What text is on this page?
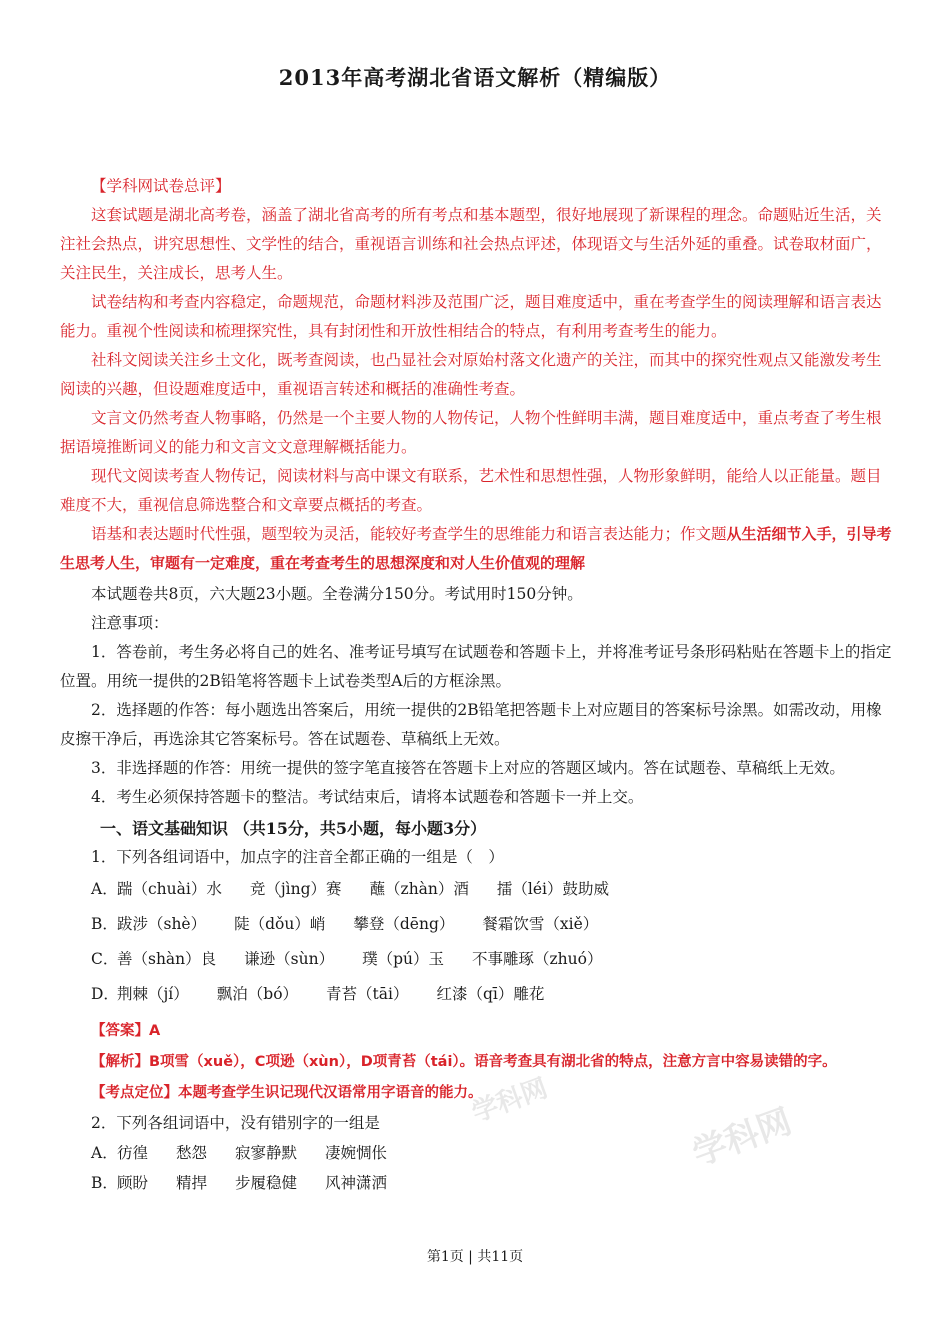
学科网
学科网
2013年高考湖北省语文解析（精编版）

【学科网试卷总评】

这套试题是湖北高考卷，涵盖了湖北省高考的所有考点和基本题型，很好地展现了新课程的理念。命题贴近生活，关注社会热点，讲究思想性、文学性的结合，重视语言训练和社会热点评述，体现语文与生活外延的重叠。试卷取材面广，关注民生，关注成长，思考人生。

试卷结构和考查内容稳定，命题规范，命题材料涉及范围广泛，题目难度适中，重在考查学生的阅读理解和语言表达能力。重视个性阅读和梳理探究性，具有封闭性和开放性相结合的特点，有利用考查考生的能力。

社科文阅读关注乡土文化，既考查阅读，也凸显社会对原始村落文化遗产的关注，而其中的探究性观点又能激发考生阅读的兴趣，但设题难度适中，重视语言转述和概括的准确性考查。

文言文仍然考查人物事略，仍然是一个主要人物的人物传记，人物个性鲜明丰满，题目难度适中，重点考查了考生根据语境推断词义的能力和文言文文意理解概括能力。

现代文阅读考查人物传记，阅读材料与高中课文有联系，艺术性和思想性强，人物形象鲜明，能给人以正能量。题目难度不大，重视信息筛选整合和文章要点概括的考查。

语基和表达题时代性强，题型较为灵活，能较好考查学生的思维能力和语言表达能力；作文题从生活细节入手，引导考生思考人生，审题有一定难度，重在考查考生的思想深度和对人生价值观的理解

本试题卷共8页，六大题23小题。全卷满分150分。考试用时150分钟。

注意事项：

1．答卷前，考生务必将自己的姓名、准考证号填写在试题卷和答题卡上，并将准考证号条形码粘贴在答题卡上的指定位置。用统一提供的2B铅笔将答题卡上试卷类型A后的方框涂黑。

2．选择题的作答：每小题选出答案后，用统一提供的2B铅笔把答题卡上对应题目的答案标号涂黑。如需改动，用橡皮擦干净后，再选涂其它答案标号。答在试题卷、草稿纸上无效。

3．非选择题的作答：用统一提供的签字笔直接答在答题卡上对应的答题区域内。答在试题卷、草稿纸上无效。

4．考生必须保持答题卡的整洁。考试结束后，请将本试题卷和答题卡一并上交。

一、语文基础知识 （共15分，共5小题，每小题3分）

1．下列各组词语中，加点字的注音全都正确的一组是（　）

A．踹（chuài）水 竞（jìng）赛 蘸（zhàn）酒 擂（léi）鼓助威

B．跋涉（shè） 陡（dǒu）峭 攀登（dēng） 餐霜饮雪（xiě）

C．善（shàn）良 谦逊（sùn） 璞（pú）玉 不事雕琢（zhuó）

D．荆棘（jí） 飘泊（bó） 青苔（tāi） 红漆（qī）雕花

【答案】A

【解析】B项雪（xuě），C项逊（xùn），D项青苔（tái）。语音考查具有湖北省的特点，注意方言中容易读错的字。

【考点定位】本题考查学生识记现代汉语常用字语音的能力。

2．下列各组词语中，没有错别字的一组是

A．彷徨 愁怨 寂寥静默 凄婉惆伥

B．顾盼 精捍 步履稳健 风神潇洒

第1页 | 共11页
